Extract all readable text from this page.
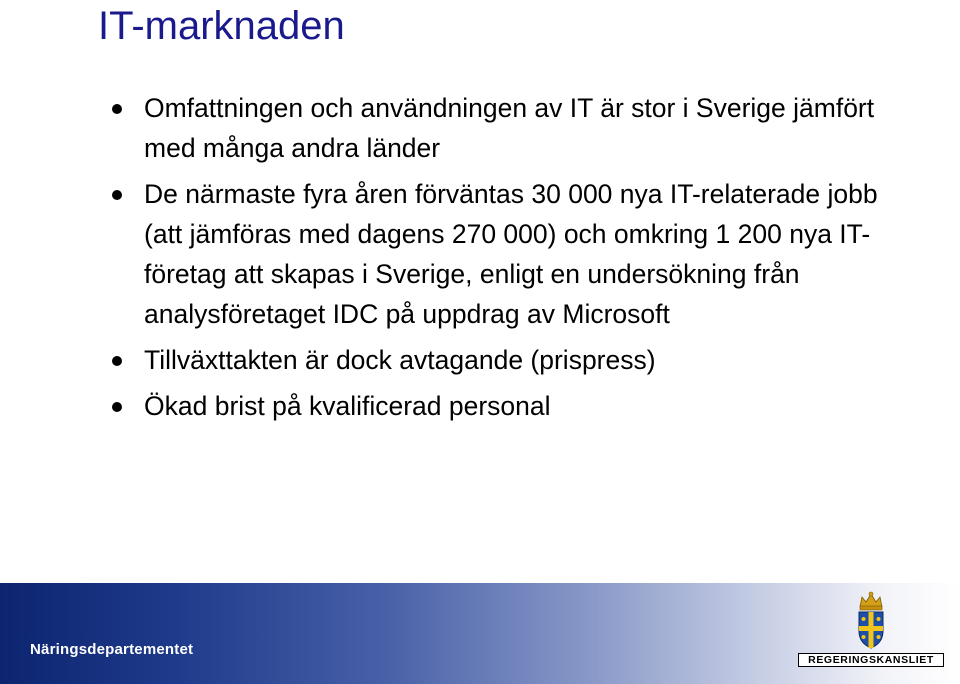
IT-marknaden
Omfattningen och användningen av IT är stor i Sverige jämfört med många andra länder
De närmaste fyra åren förväntas 30 000 nya IT-relaterade jobb (att jämföras med dagens 270 000) och omkring 1 200 nya IT-företag att skapas i Sverige, enligt en undersökning från analysföretaget IDC på uppdrag av Microsoft
Tillväxttakten är dock avtagande (prispress)
Ökad brist på kvalificerad personal
Näringsdepartementet
REGERINGSKANSLIET
